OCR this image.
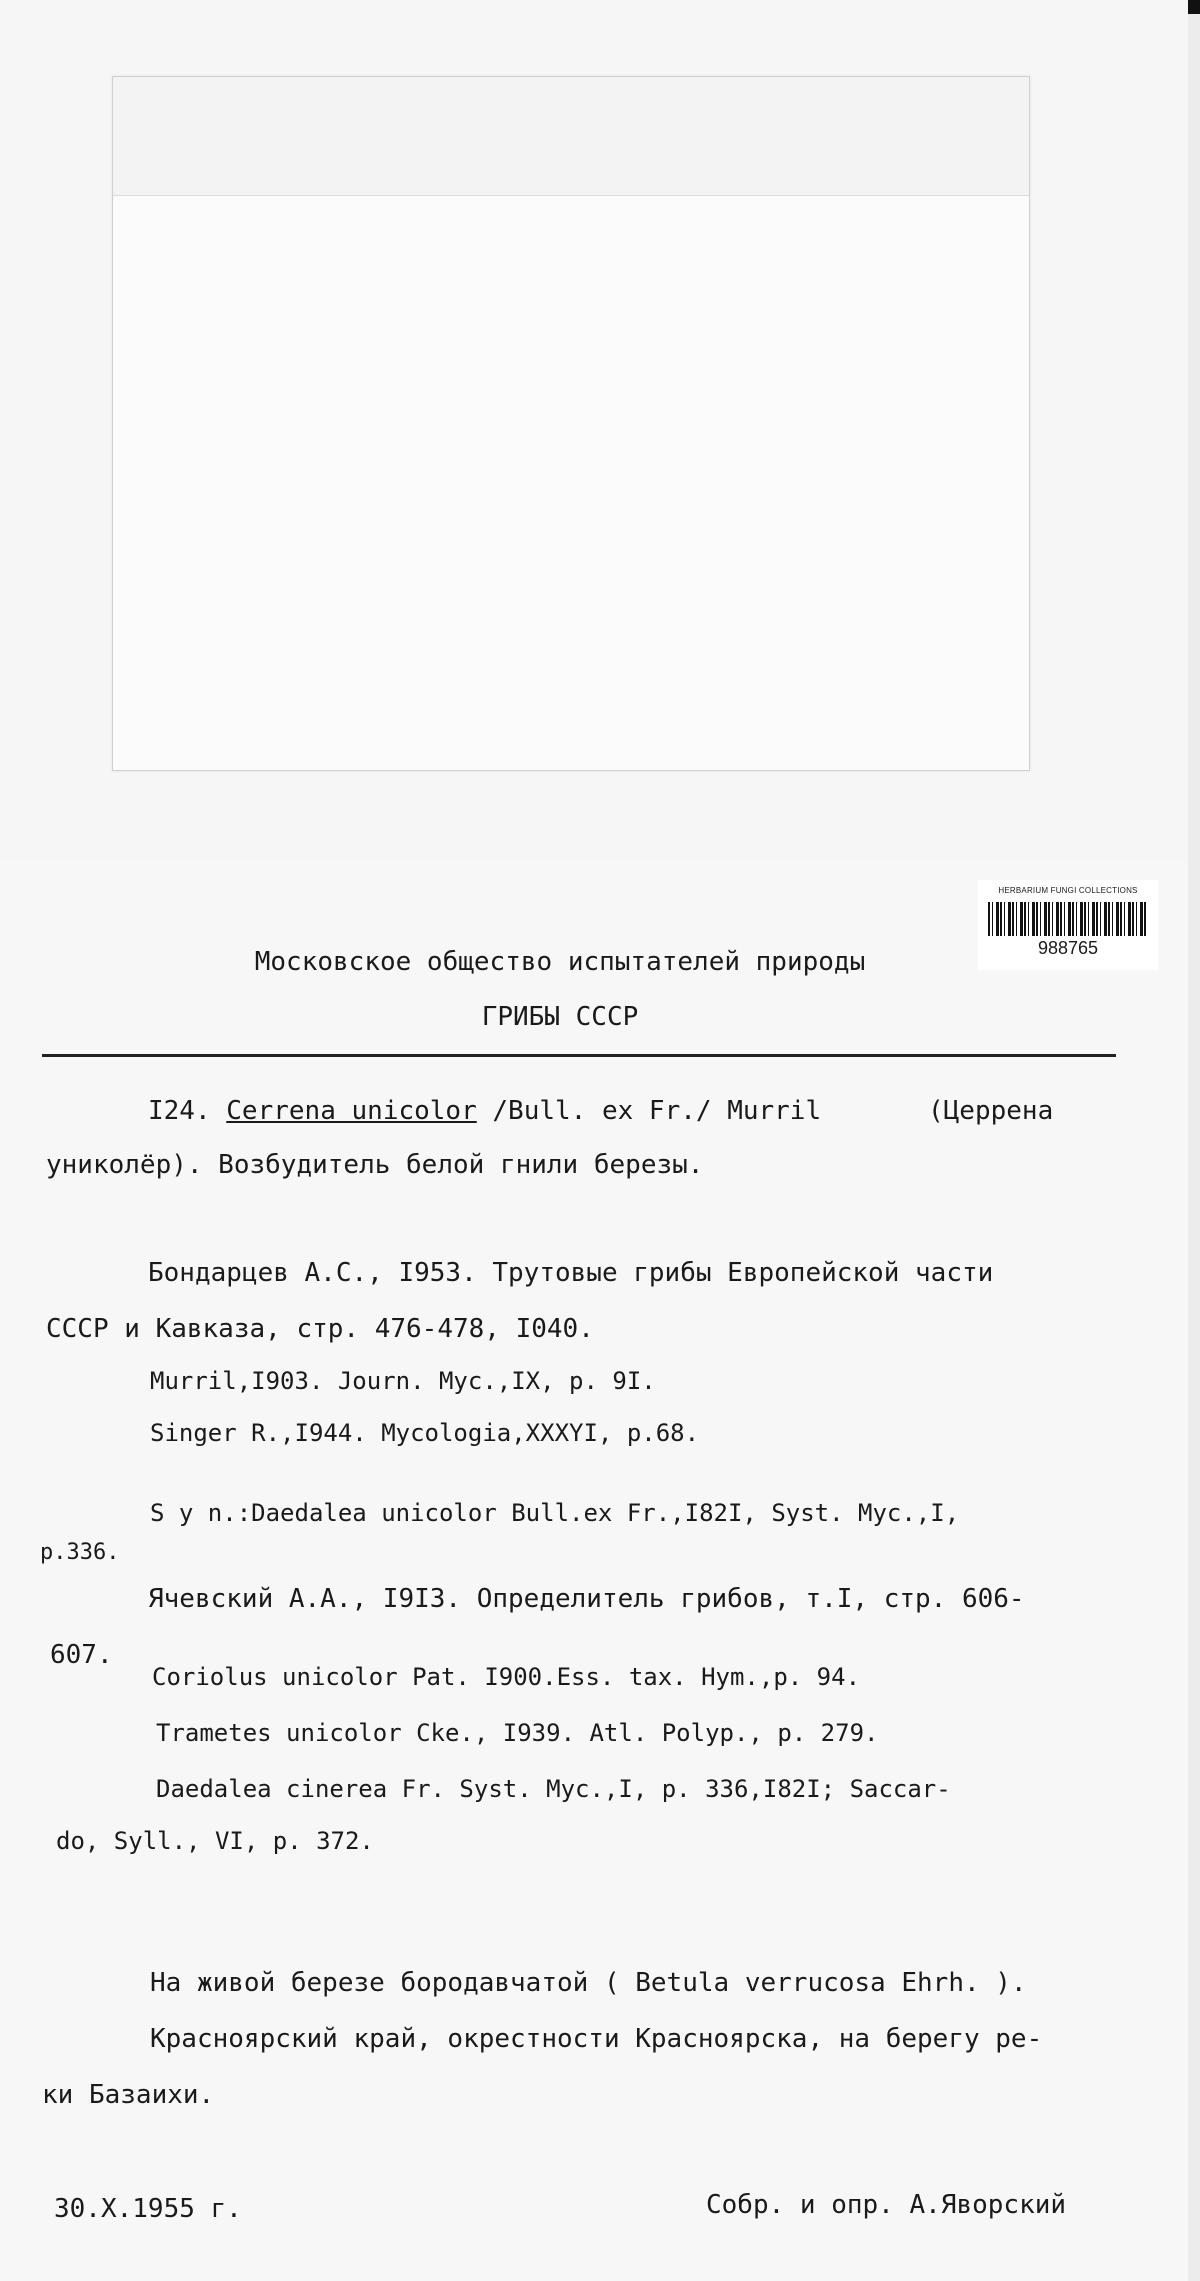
HERBARIUM FUNGI COLLECTIONS
988765
Московское общество испытателей природы
ГРИБЫ СССР
I24. Cerrena unicolor /Bull. ex Fr./ Murril	(Церрена
униколёр). Возбудитель белой гнили березы.
Бондарцев А.С., I953. Трутовые грибы Европейской части
СССР и Кавказа, стр. 476-478, I040.
Murril,I903. Journ. Myc.,IX, p. 9I.
Singer R.,I944. Mycologia,XXXYI, p.68.
S y n.:Daedalea unicolor Bull.ex Fr.,I82I, Syst. Myc.,I,
p.336.
Ячевский А.А., I9I3. Определитель грибов, т.I, стр. 606-
607.
Coriolus unicolor Pat. I900.Ess. tax. Hym.,p. 94.
Trametes unicolor Cke., I939. Atl. Polyp., p. 279.
Daedalea cinerea Fr. Syst. Myc.,I, p. 336,I82I; Saccar-
do, Syll., VI, p. 372.
На живой березе бородавчатой ( Betula verrucosa Ehrh. ).
Красноярский край, окрестности Красноярска, на берегу ре-
ки Базаихи.
30.X.1955 г.	Собр. и опр. А.Яворский
